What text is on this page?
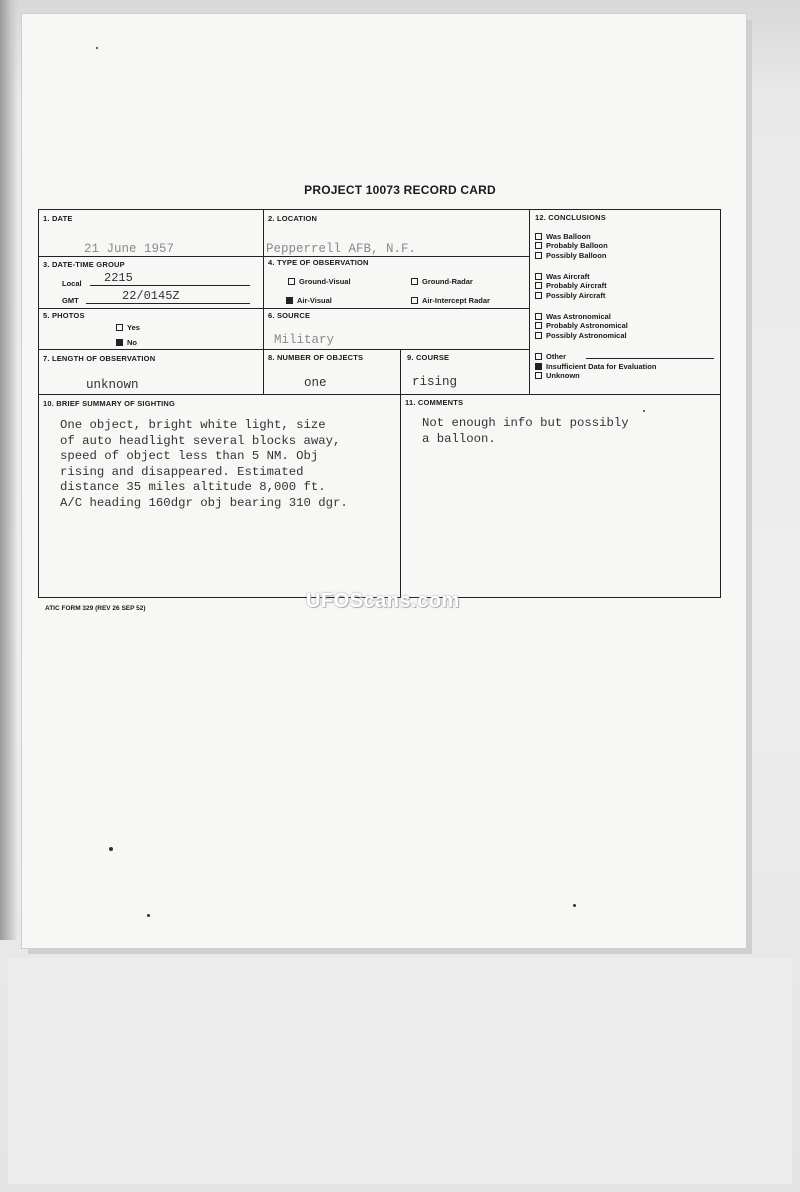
PROJECT 10073 RECORD CARD
1. DATE
21 June 1957
2. LOCATION
Pepperrell AFB, N.F.
3. DATE-TIME GROUP
Local 2215
GMT	22/0145Z
4. TYPE OF OBSERVATION
Ground-Visual	Ground-Radar
Air-Visual	Air-Intercept Radar
5. PHOTOS
Yes
No
6. SOURCE
Military
7. LENGTH OF OBSERVATION
unknown
8. NUMBER OF OBJECTS
one
9. COURSE
rising
12. CONCLUSIONS
Was Balloon
Probably Balloon
Possibly Balloon
Was Aircraft
Probably Aircraft
Possibly Aircraft
Was Astronomical
Probably Astronomical
Possibly Astronomical
Other
Insufficient Data for Evaluation
Unknown
10. BRIEF SUMMARY OF SIGHTING
One object, bright white light, size
of auto headlight several blocks away,
speed of object less than 5 NM. Obj
rising and disappeared. Estimated
distance 35 miles altitude 8,000 ft.
A/C heading 160dgr obj bearing 310 dgr.
11. COMMENTS
Not enough info but possibly
a balloon.
ATIC FORM 329 (REV 26 SEP 52)	UFOScans.com
